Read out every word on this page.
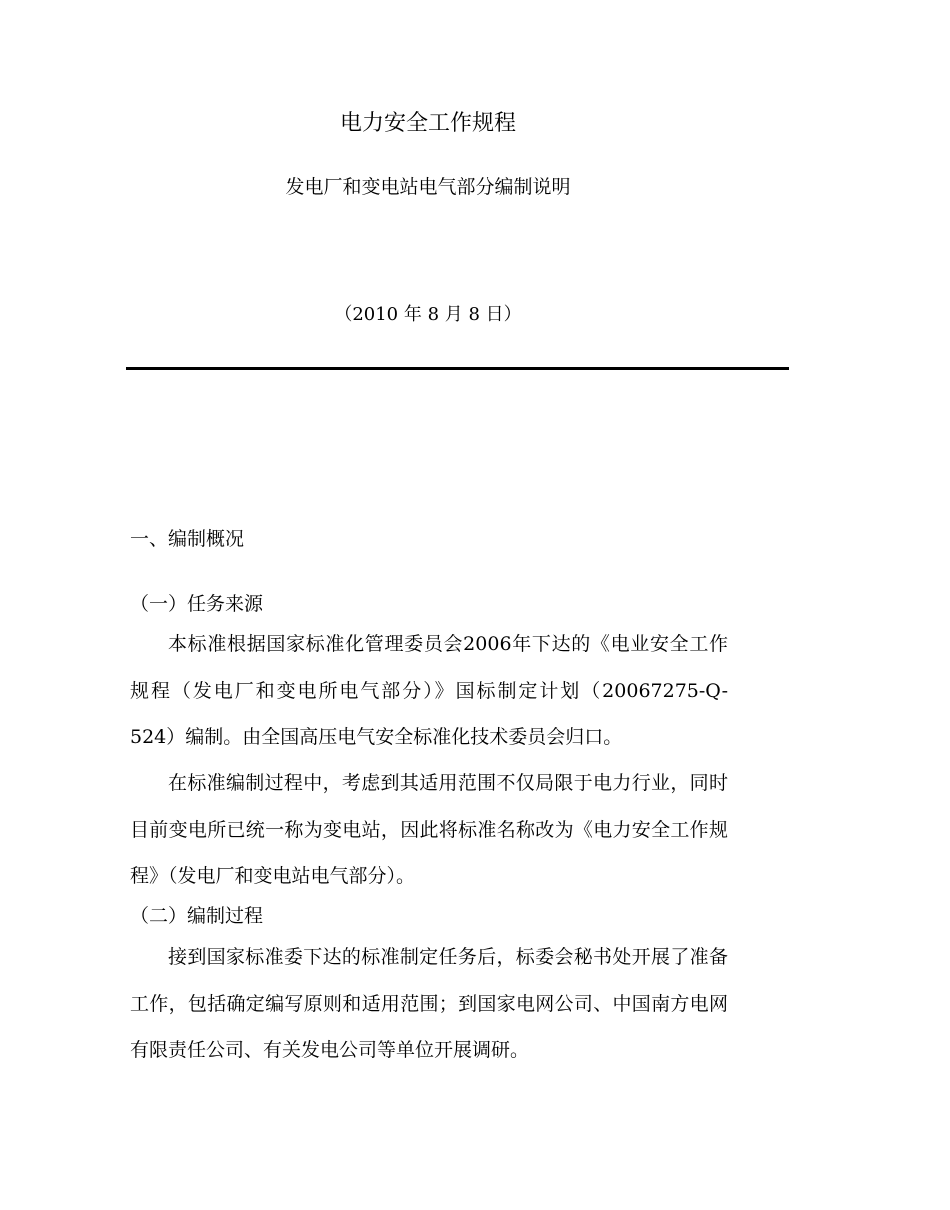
电力安全工作规程
发电厂和变电站电气部分编制说明
（2010 年 8 月 8 日）
一、编制概况
（一）任务来源
本标准根据国家标准化管理委员会2006年下达的《电业安全工作规程（发电厂和变电所电气部分）》国标制定计划（20067275-Q-524）编制。由全国高压电气安全标准化技术委员会归口。
在标准编制过程中，考虑到其适用范围不仅局限于电力行业，同时目前变电所已统一称为变电站，因此将标准名称改为《电力安全工作规程》（发电厂和变电站电气部分）。
（二）编制过程
接到国家标准委下达的标准制定任务后，标委会秘书处开展了准备工作，包括确定编写原则和适用范围；到国家电网公司、中国南方电网有限责任公司、有关发电公司等单位开展调研。
